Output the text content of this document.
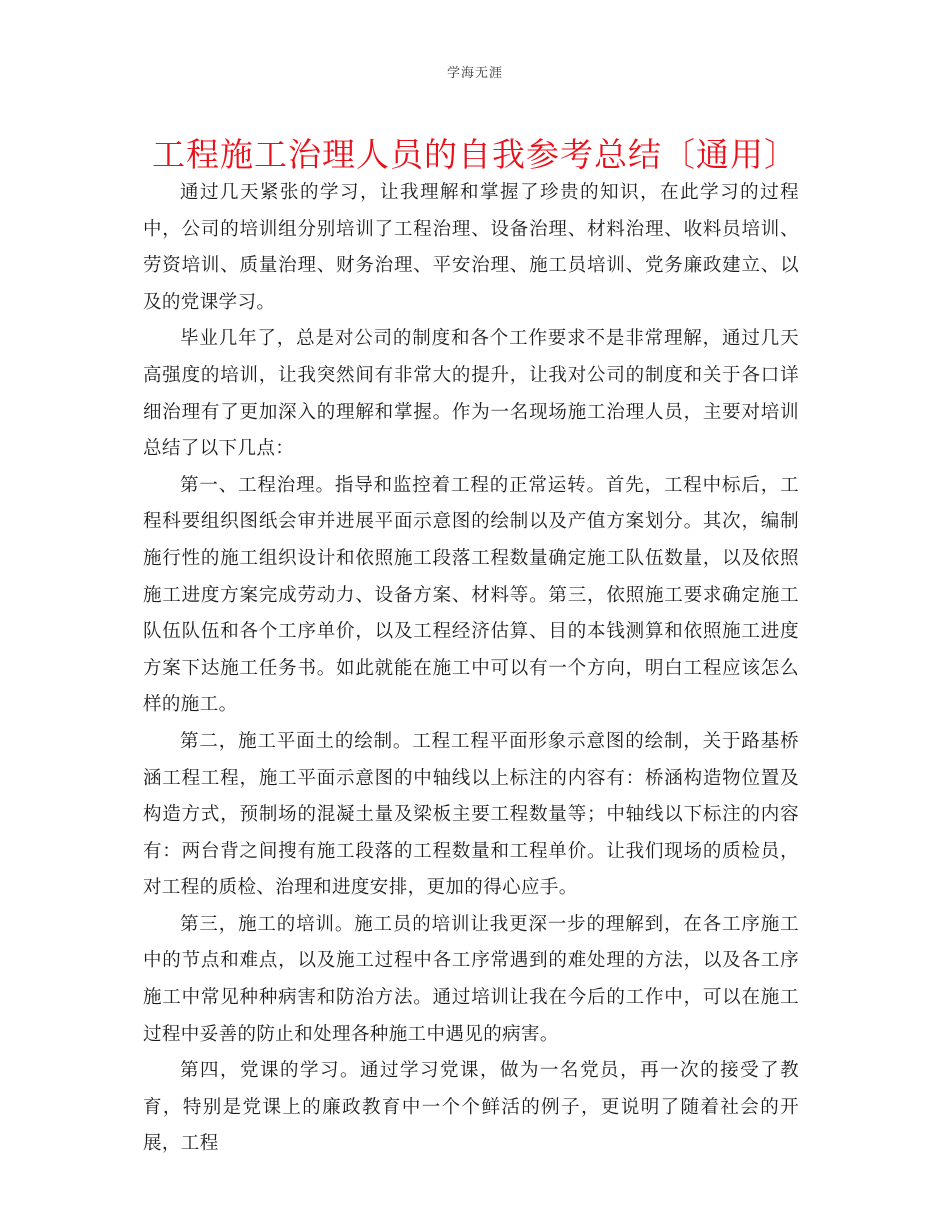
学海无涯
工程施工治理人员的自我参考总结〔通用〕

通过几天紧张的学习，让我理解和掌握了珍贵的知识，在此学习的过程中，公司的培训组分别培训了工程治理、设备治理、材料治理、收料员培训、劳资培训、质量治理、财务治理、平安治理、施工员培训、党务廉政建立、以及的党课学习。

毕业几年了，总是对公司的制度和各个工作要求不是非常理解，通过几天高强度的培训，让我突然间有非常大的提升，让我对公司的制度和关于各口详细治理有了更加深入的理解和掌握。作为一名现场施工治理人员，主要对培训总结了以下几点：

第一、工程治理。指导和监控着工程的正常运转。首先，工程中标后，工程科要组织图纸会审并进展平面示意图的绘制以及产值方案划分。其次，编制施行性的施工组织设计和依照施工段落工程数量确定施工队伍数量，以及依照施工进度方案完成劳动力、设备方案、材料等。第三，依照施工要求确定施工队伍队伍和各个工序单价，以及工程经济估算、目的本钱测算和依照施工进度方案下达施工任务书。如此就能在施工中可以有一个方向，明白工程应该怎么样的施工。

第二，施工平面土的绘制。工程工程平面形象示意图的绘制，关于路基桥涵工程工程，施工平面示意图的中轴线以上标注的内容有：桥涵构造物位置及构造方式，预制场的混凝土量及梁板主要工程数量等；中轴线以下标注的内容有：两台背之间搜有施工段落的工程数量和工程单价。让我们现场的质检员，对工程的质检、治理和进度安排，更加的得心应手。

第三，施工的培训。施工员的培训让我更深一步的理解到，在各工序施工中的节点和难点，以及施工过程中各工序常遇到的难处理的方法，以及各工序施工中常见种种病害和防治方法。通过培训让我在今后的工作中，可以在施工过程中妥善的防止和处理各种施工中遇见的病害。

第四，党课的学习。通过学习党课，做为一名党员，再一次的接受了教育，特别是党课上的廉政教育中一个个鲜活的例子，更说明了随着社会的开展，工程
